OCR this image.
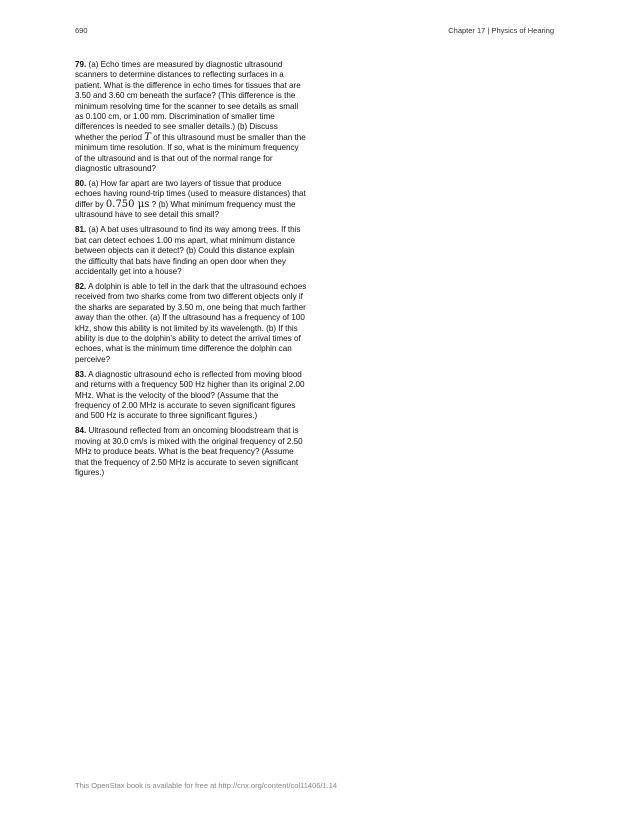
690	Chapter 17 | Physics of Hearing

79. (a) Echo times are measured by diagnostic ultrasound scanners to determine distances to reflecting surfaces in a patient. What is the difference in echo times for tissues that are 3.50 and 3.60 cm beneath the surface? (This difference is the minimum resolving time for the scanner to see details as small as 0.100 cm, or 1.00 mm. Discrimination of smaller time differences is needed to see smaller details.) (b) Discuss whether the period T of this ultrasound must be smaller than the minimum time resolution. If so, what is the minimum frequency of the ultrasound and is that out of the normal range for diagnostic ultrasound?

80. (a) How far apart are two layers of tissue that produce echoes having round-trip times (used to measure distances) that differ by 0.750 μs ? (b) What minimum frequency must the ultrasound have to see detail this small?

81. (a) A bat uses ultrasound to find its way among trees. If this bat can detect echoes 1.00 ms apart, what minimum distance between objects can it detect? (b) Could this distance explain the difficulty that bats have finding an open door when they accidentally get into a house?

82. A dolphin is able to tell in the dark that the ultrasound echoes received from two sharks come from two different objects only if the sharks are separated by 3.50 m, one being that much farther away than the other. (a) If the ultrasound has a frequency of 100 kHz, show this ability is not limited by its wavelength. (b) If this ability is due to the dolphin’s ability to detect the arrival times of echoes, what is the minimum time difference the dolphin can perceive?

83. A diagnostic ultrasound echo is reflected from moving blood and returns with a frequency 500 Hz higher than its original 2.00 MHz. What is the velocity of the blood? (Assume that the frequency of 2.00 MHz is accurate to seven significant figures and 500 Hz is accurate to three significant figures.)

84. Ultrasound reflected from an oncoming bloodstream that is moving at 30.0 cm/s is mixed with the original frequency of 2.50 MHz to produce beats. What is the beat frequency? (Assume that the frequency of 2.50 MHz is accurate to seven significant figures.)

This OpenStax book is available for free at http://cnx.org/content/col11406/1.14
